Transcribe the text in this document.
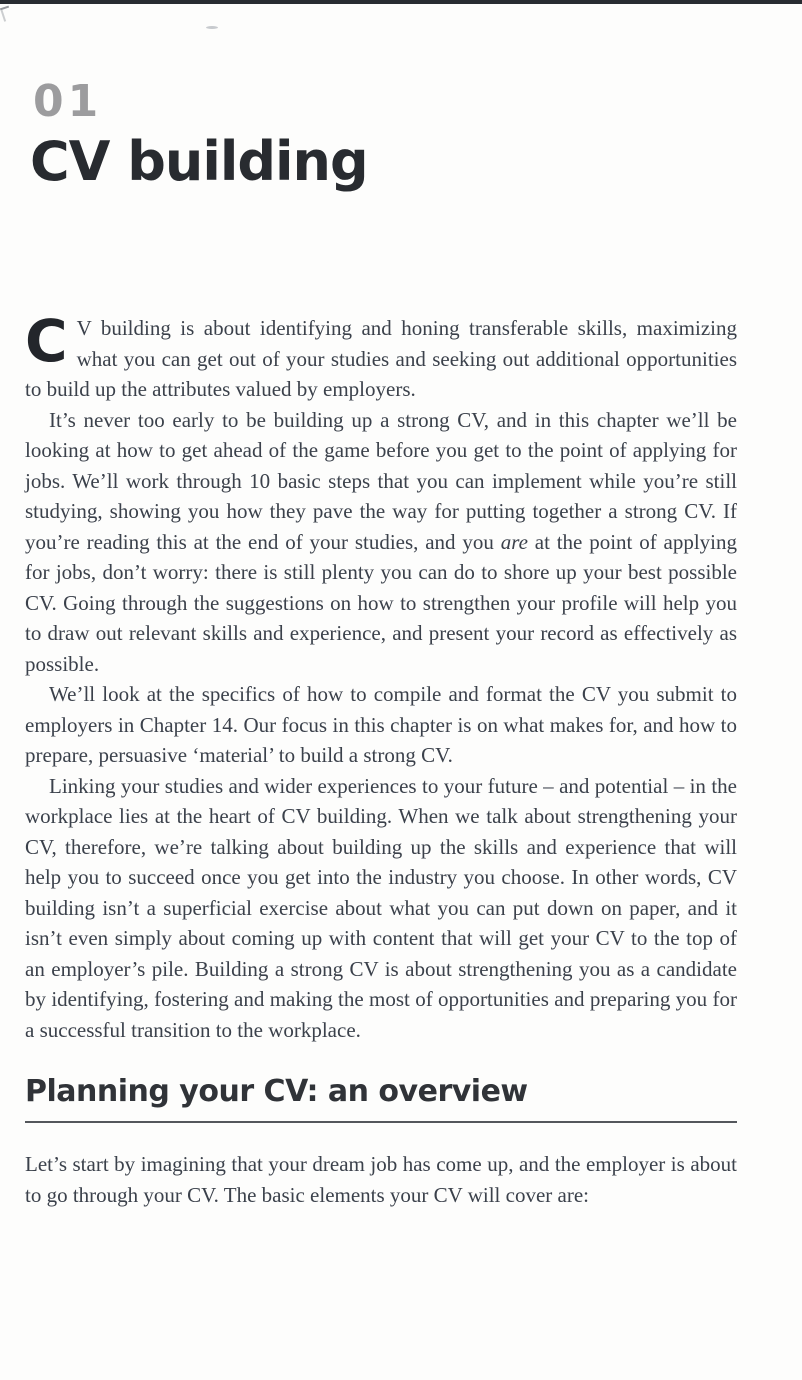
01
CV building

C V building is about identifying and honing transferable skills, maximizing what you can get out of your studies and seeking out additional opportunities to build up the attributes valued by employers.

It’s never too early to be building up a strong CV, and in this chapter we’ll be looking at how to get ahead of the game before you get to the point of applying for jobs. We’ll work through 10 basic steps that you can implement while you’re still studying, showing you how they pave the way for putting together a strong CV. If you’re reading this at the end of your studies, and you are at the point of applying for jobs, don’t worry: there is still plenty you can do to shore up your best possible CV. Going through the suggestions on how to strengthen your profile will help you to draw out relevant skills and experience, and present your record as effectively as possible.

We’ll look at the specifics of how to compile and format the CV you submit to employers in Chapter 14. Our focus in this chapter is on what makes for, and how to prepare, persuasive ‘material’ to build a strong CV.

Linking your studies and wider experiences to your future – and potential – in the workplace lies at the heart of CV building. When we talk about strengthening your CV, therefore, we’re talking about building up the skills and experience that will help you to succeed once you get into the industry you choose. In other words, CV building isn’t a superficial exercise about what you can put down on paper, and it isn’t even simply about coming up with content that will get your CV to the top of an employer’s pile. Building a strong CV is about strengthening you as a candidate by identifying, fostering and making the most of opportunities and preparing you for a successful transition to the workplace.

Planning your CV: an overview

Let’s start by imagining that your dream job has come up, and the employer is about to go through your CV. The basic elements your CV will cover are:
